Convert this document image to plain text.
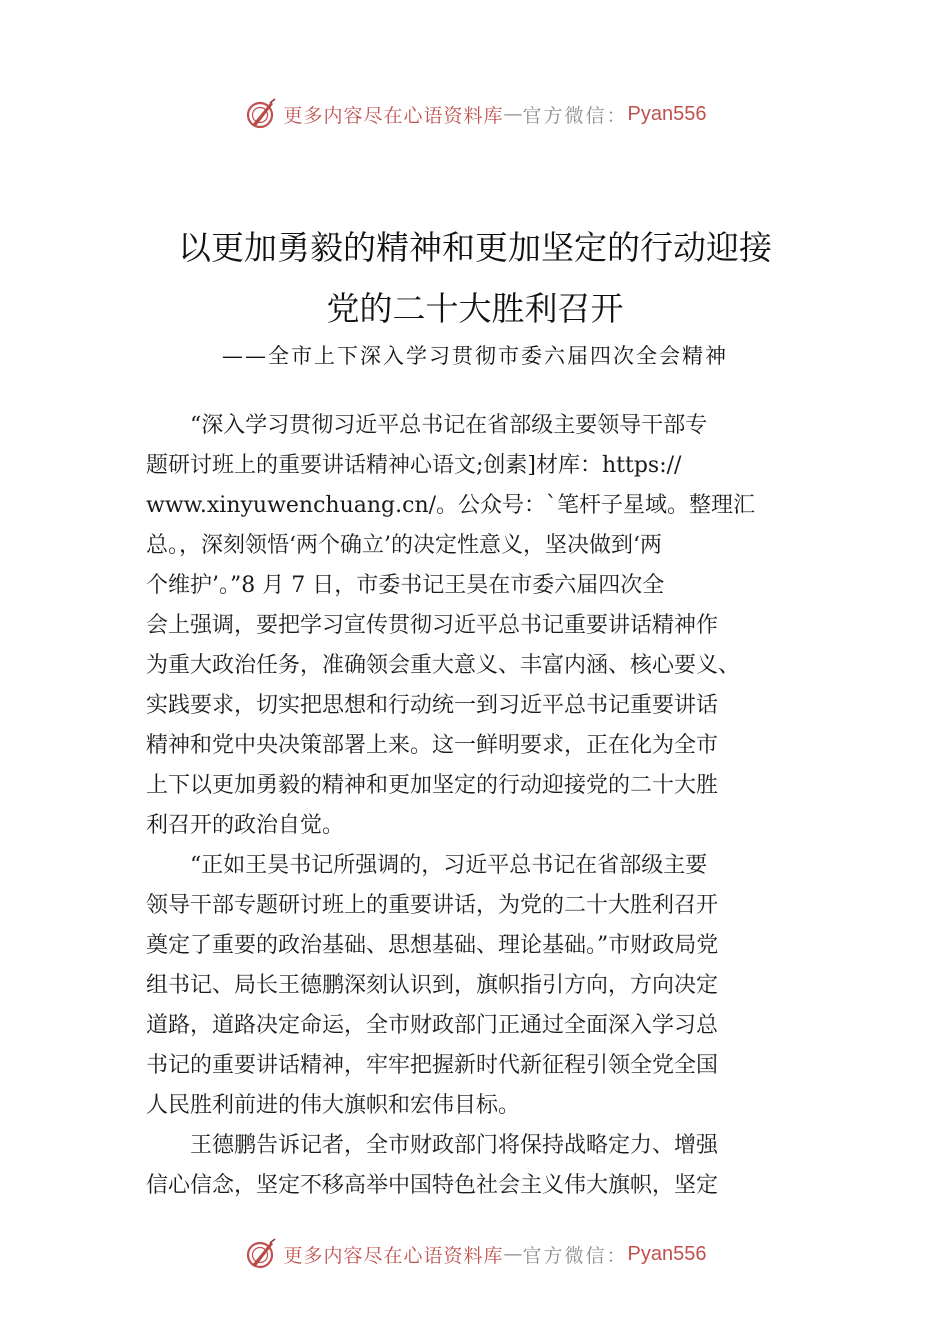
更多内容尽在心语资料库 — 官方微信： Pyan556
以更加勇毅的精神和更加坚定的行动迎接
党的二十大胜利召开
——全市上下深入学习贯彻市委六届四次全会精神
　　“深入学习贯彻习近平总书记在省部级主要领导干部专
题研讨班上的重要讲话精神心语文;创素]材库：https://
www.xinyuwenchuang.cn/。公众号：`笔杆子星域。整理汇
总。，深刻领悟‘两个确立’的决定性意义，坚决做到‘两
个维护’。”8 月 7 日，市委书记王昊在市委六届四次全
会上强调，要把学习宣传贯彻习近平总书记重要讲话精神作
为重大政治任务，准确领会重大意义、丰富内涵、核心要义、
实践要求，切实把思想和行动统一到习近平总书记重要讲话
精神和党中央决策部署上来。这一鲜明要求，正在化为全市
上下以更加勇毅的精神和更加坚定的行动迎接党的二十大胜
利召开的政治自觉。
　　“正如王昊书记所强调的，习近平总书记在省部级主要
领导干部专题研讨班上的重要讲话，为党的二十大胜利召开
奠定了重要的政治基础、思想基础、理论基础。”市财政局党
组书记、局长王德鹏深刻认识到，旗帜指引方向，方向决定
道路，道路决定命运，全市财政部门正通过全面深入学习总
书记的重要讲话精神，牢牢把握新时代新征程引领全党全国
人民胜利前进的伟大旗帜和宏伟目标。
　　王德鹏告诉记者，全市财政部门将保持战略定力、增强
信心信念，坚定不移高举中国特色社会主义伟大旗帜，坚定
更多内容尽在心语资料库 — 官方微信： Pyan556
